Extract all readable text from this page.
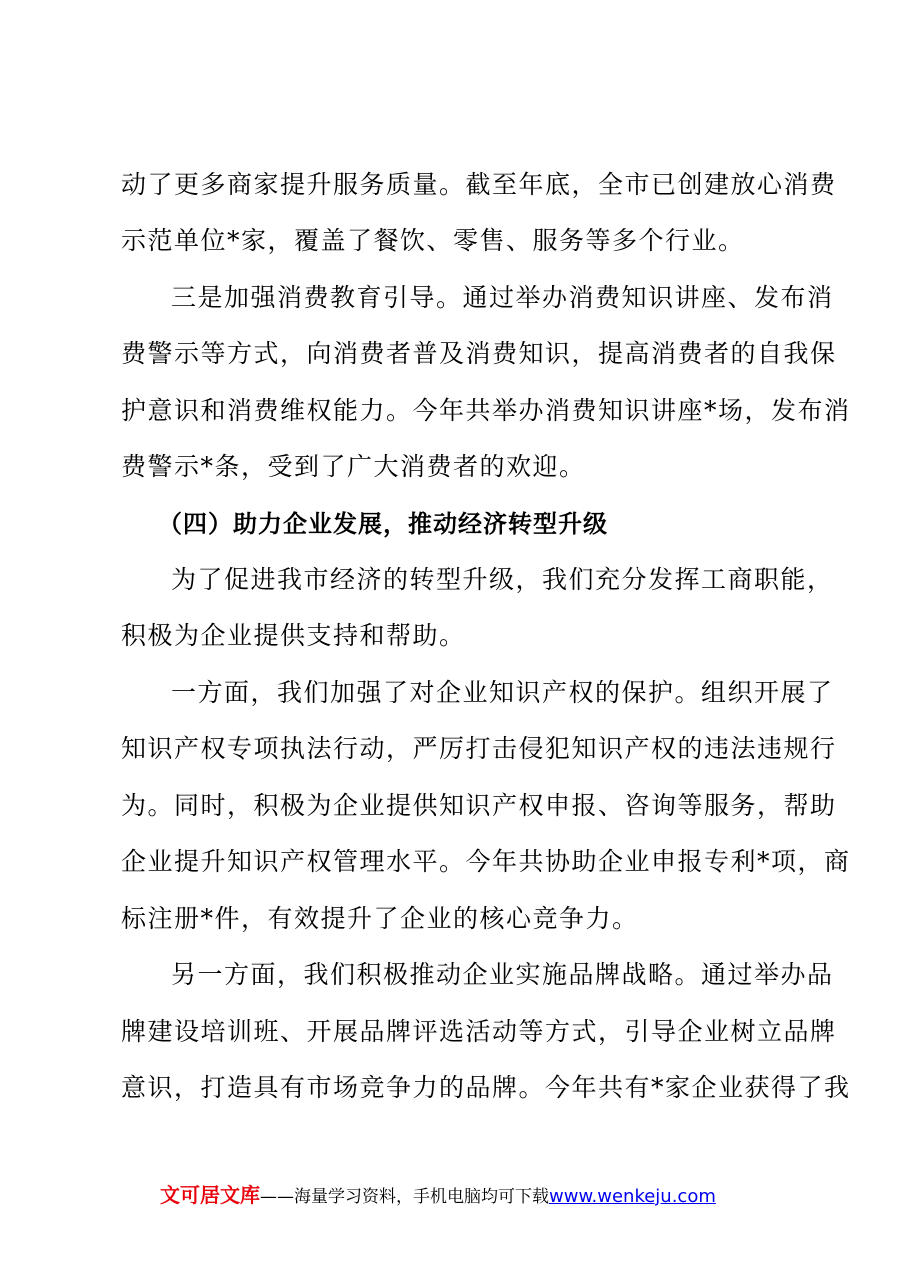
动了更多商家提升服务质量。截至年底，全市已创建放心消费
示范单位*家，覆盖了餐饮、零售、服务等多个行业。
三是加强消费教育引导。通过举办消费知识讲座、发布消
费警示等方式，向消费者普及消费知识，提高消费者的自我保
护意识和消费维权能力。今年共举办消费知识讲座*场，发布消
费警示*条，受到了广大消费者的欢迎。
（四）助力企业发展，推动经济转型升级
为了促进我市经济的转型升级，我们充分发挥工商职能，
积极为企业提供支持和帮助。
一方面，我们加强了对企业知识产权的保护。组织开展了
知识产权专项执法行动，严厉打击侵犯知识产权的违法违规行
为。同时，积极为企业提供知识产权申报、咨询等服务，帮助
企业提升知识产权管理水平。今年共协助企业申报专利*项，商
标注册*件，有效提升了企业的核心竞争力。
另一方面，我们积极推动企业实施品牌战略。通过举办品
牌建设培训班、开展品牌评选活动等方式，引导企业树立品牌
意识，打造具有市场竞争力的品牌。今年共有*家企业获得了我
文可居文库——海量学习资料，手机电脑均可下载www.wenkeju.com
